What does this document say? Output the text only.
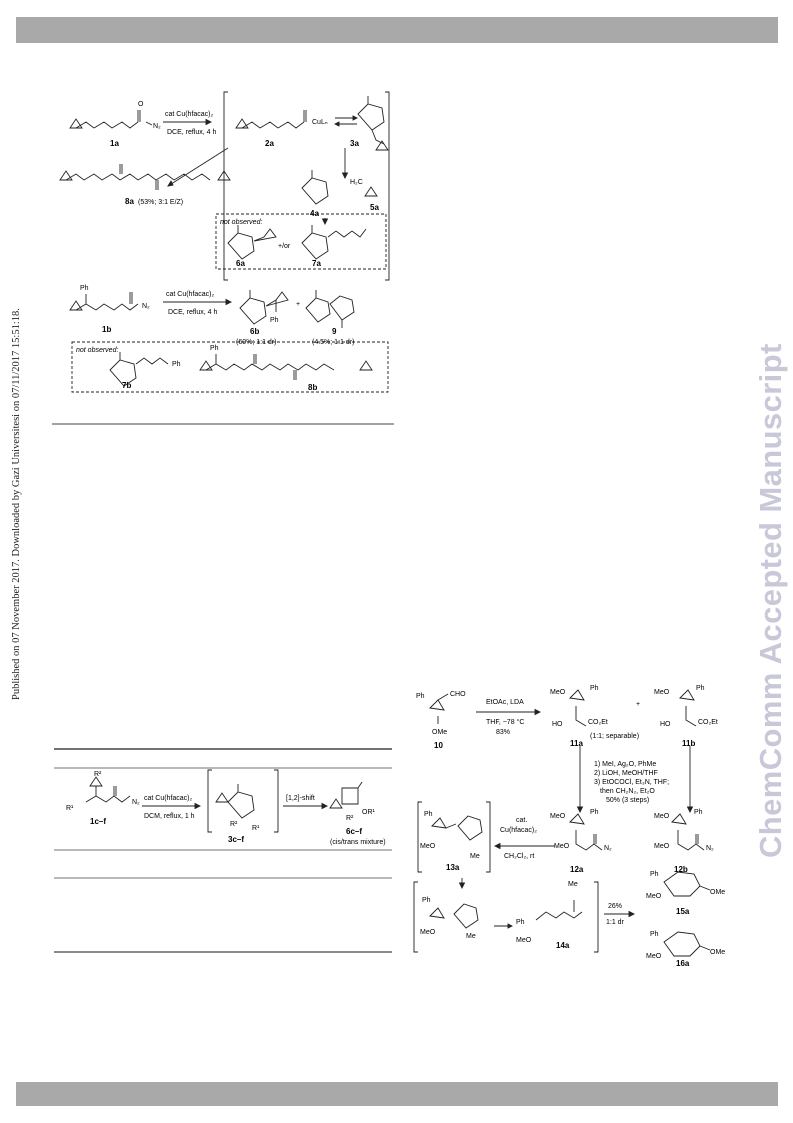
Published on 07 November 2017. Downloaded by Gazi Universitesi on 07/11/2017 15:51:18.	ChemComm Accepted Manuscript
O
N₂
cat Cu(hfacac)₂
DCE, reflux, 4 h
1a
CuLₙ
2a	3a
4a
H₂C
5a
8a (53%; 3:1 E/Z)
not observed:
+/or
6a	7a
Ph
N₂
cat Cu(hfacac)₂
DCE, reflux, 4 h
1b
Ph
6b
(60%; 1:1 dr)
+
9
(4.5%; 1:1 dr)
not observed:
Ph
7b
Ph
8b
R¹
R²
N₂
1c–f
cat Cu(hfacac)₂
DCM, reflux, 1 h
R²
R¹
3c–f
[1,2]-shift
R²
OR¹
6c–f
(cis/trans mixture)
Ph	CHO
OMe
10
EtOAc, LDA
THF, −78 °C
83%
MeO
Ph
HO	CO₂Et
11a
(1:1; separable)
+
MeO
Ph
HO	CO₂Et
11b
1) MeI, Ag₂O, PhMe
2) LiOH, MeOH/THF
3) EtOCOCl, Et₃N, THF;
then CH₂N₂, Et₂O
50% (3 steps)
MeO
Ph
MeO	N₂
12a
MeO
Ph
MeO	N₂
12b
cat.
Cu(hfacac)₂
CH₂Cl₂, rt
Ph
MeO
Me
13a
Ph
MeO
Me
Ph
MeO
Me
14a
26%
1:1 dr
Ph
MeO
OMe
15a
Ph
MeO
OMe
16a
